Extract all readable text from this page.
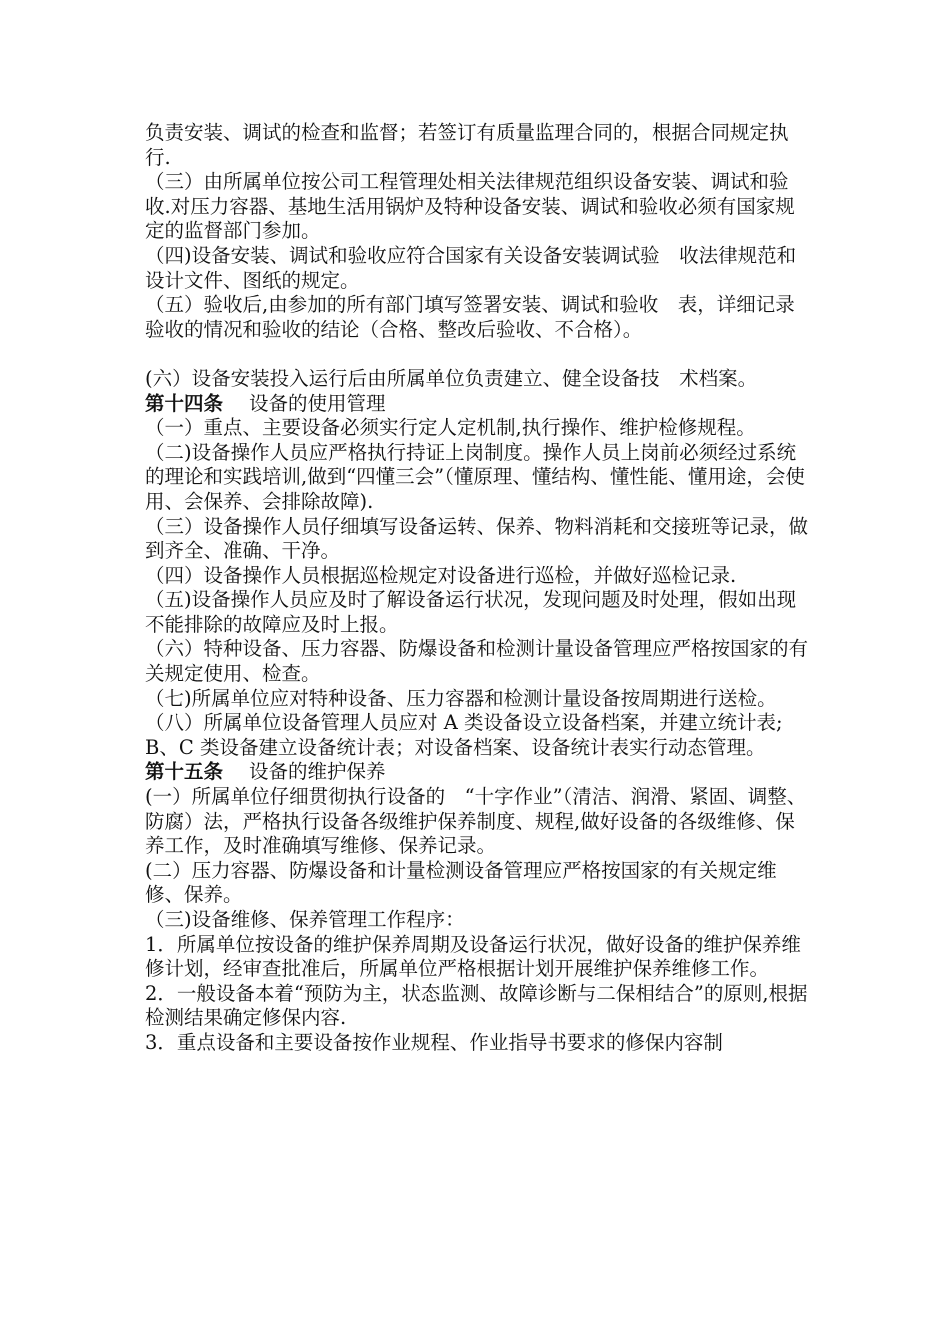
负责安装、调试的检查和监督；若签订有质量监理合同的，根据合同规定执行.

（三）由所属单位按公司工程管理处相关法律规范组织设备安装、调试和验收.对压力容器、基地生活用锅炉及特种设备安装、调试和验收必须有国家规定的监督部门参加。

（四)设备安装、调试和验收应符合国家有关设备安装调试验　收法律规范和设计文件、图纸的规定。

（五）验收后,由参加的所有部门填写签署安装、调试和验收　表，详细记录验收的情况和验收的结论（合格、整改后验收、不合格）。

(六）设备安装投入运行后由所属单位负责建立、健全设备技　术档案。

第十四条 设备的使用管理

（一）重点、主要设备必须实行定人定机制,执行操作、维护检修规程。

（二)设备操作人员应严格执行持证上岗制度。操作人员上岗前必须经过系统的理论和实践培训,做到“四懂三会”（懂原理、懂结构、懂性能、懂用途，会使用、会保养、会排除故障).

（三）设备操作人员仔细填写设备运转、保养、物料消耗和交接班等记录，做到齐全、准确、干净。

（四）设备操作人员根据巡检规定对设备进行巡检，并做好巡检记录.

（五)设备操作人员应及时了解设备运行状况，发现问题及时处理，假如出现不能排除的故障应及时上报。

（六）特种设备、压力容器、防爆设备和检测计量设备管理应严格按国家的有关规定使用、检查。

（七)所属单位应对特种设备、压力容器和检测计量设备按周期进行送检。

（八）所属单位设备管理人员应对 A 类设备设立设备档案，并建立统计表;B、C 类设备建立设备统计表；对设备档案、设备统计表实行动态管理。

第十五条 设备的维护保养

(一）所属单位仔细贯彻执行设备的　“十字作业”（清洁、润滑、紧固、调整、防腐）法，严格执行设备各级维护保养制度、规程,做好设备的各级维修、保养工作，及时准确填写维修、保养记录。

(二）压力容器、防爆设备和计量检测设备管理应严格按国家的有关规定维修、保养。

（三)设备维修、保养管理工作程序：

1．所属单位按设备的维护保养周期及设备运行状况，做好设备的维护保养维修计划，经审查批准后，所属单位严格根据计划开展维护保养维修工作。

2．一般设备本着“预防为主，状态监测、故障诊断与二保相结合”的原则,根据检测结果确定修保内容.

3．重点设备和主要设备按作业规程、作业指导书要求的修保内容制
